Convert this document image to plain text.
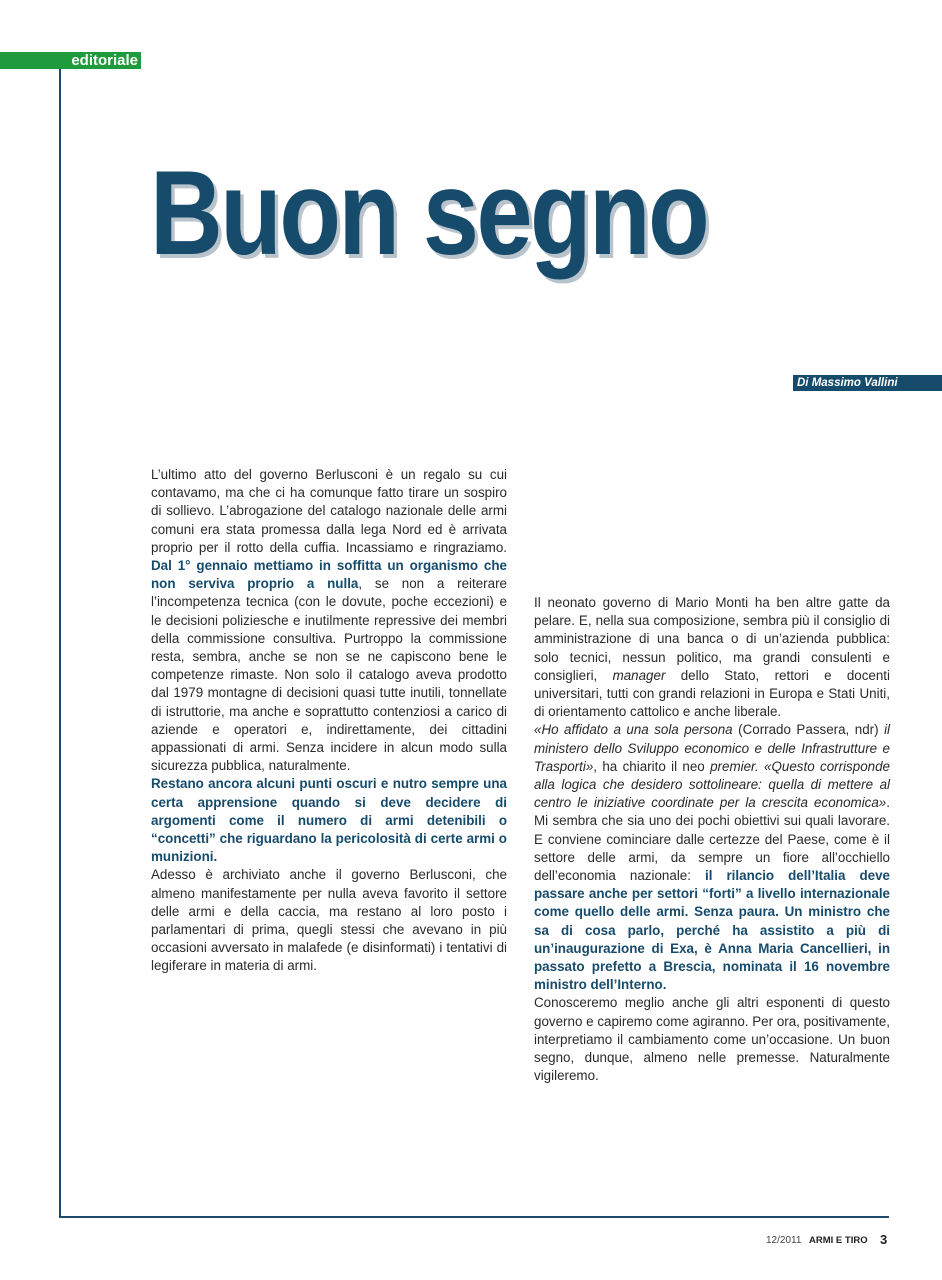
editoriale
Buon segno
Di Massimo Vallini

L’ultimo atto del governo Berlusconi è un regalo su cui contavamo, ma che ci ha comunque fatto tirare un sospiro di sollievo. L’abrogazione del catalogo nazionale delle armi comuni era stata promessa dalla lega Nord ed è arrivata proprio per il rotto della cuffia. Incassiamo e ringraziamo. Dal 1° gennaio mettiamo in soffitta un organismo che non serviva proprio a nulla, se non a reiterare l’incompetenza tecnica (con le dovute, poche eccezioni) e le decisioni poliziesche e inutilmente repressive dei membri della commissione consultiva. Purtroppo la commissione resta, sembra, anche se non se ne capiscono bene le competenze rimaste. Non solo il catalogo aveva prodotto dal 1979 montagne di decisioni quasi tutte inutili, tonnellate di istruttorie, ma anche e soprattutto contenziosi a carico di aziende e operatori e, indirettamente, dei cittadini appassionati di armi. Senza incidere in alcun modo sulla sicurezza pubblica, naturalmente.

Restano ancora alcuni punti oscuri e nutro sempre una certa apprensione quando si deve decidere di argomenti come il numero di armi detenibili o “concetti” che riguardano la pericolosità di certe armi o munizioni.

Adesso è archiviato anche il governo Berlusconi, che almeno manifestamente per nulla aveva favorito il settore delle armi e della caccia, ma restano al loro posto i parlamentari di prima, quegli stessi che avevano in più occasioni avversato in malafede (e disinformati) i tentativi di legiferare in materia di armi.

Il neonato governo di Mario Monti ha ben altre gatte da pelare. E, nella sua composizione, sembra più il consiglio di amministrazione di una banca o di un’azienda pubblica: solo tecnici, nessun politico, ma grandi consulenti e consiglieri, manager dello Stato, rettori e docenti universitari, tutti con grandi relazioni in Europa e Stati Uniti, di orientamento cattolico e anche liberale.

«Ho affidato a una sola persona (Corrado Passera, ndr) il ministero dello Sviluppo economico e delle Infrastrutture e Trasporti», ha chiarito il neo premier. «Questo corrisponde alla logica che desidero sottolineare: quella di mettere al centro le iniziative coordinate per la crescita economica». Mi sembra che sia uno dei pochi obiettivi sui quali lavorare. E conviene cominciare dalle certezze del Paese, come è il settore delle armi, da sempre un fiore all’occhiello dell’economia nazionale: il rilancio dell’Italia deve passare anche per settori “forti” a livello internazionale come quello delle armi. Senza paura. Un ministro che sa di cosa parlo, perché ha assistito a più di un’inaugurazione di Exa, è Anna Maria Cancellieri, in passato prefetto a Brescia, nominata il 16 novembre ministro dell’Interno.

Conosceremo meglio anche gli altri esponenti di questo governo e capiremo come agiranno. Per ora, positivamente, interpretiamo il cambiamento come un’occasione. Un buon segno, dunque, almeno nelle premesse. Naturalmente vigileremo.

12/2011 ARMI E TIRO 3
